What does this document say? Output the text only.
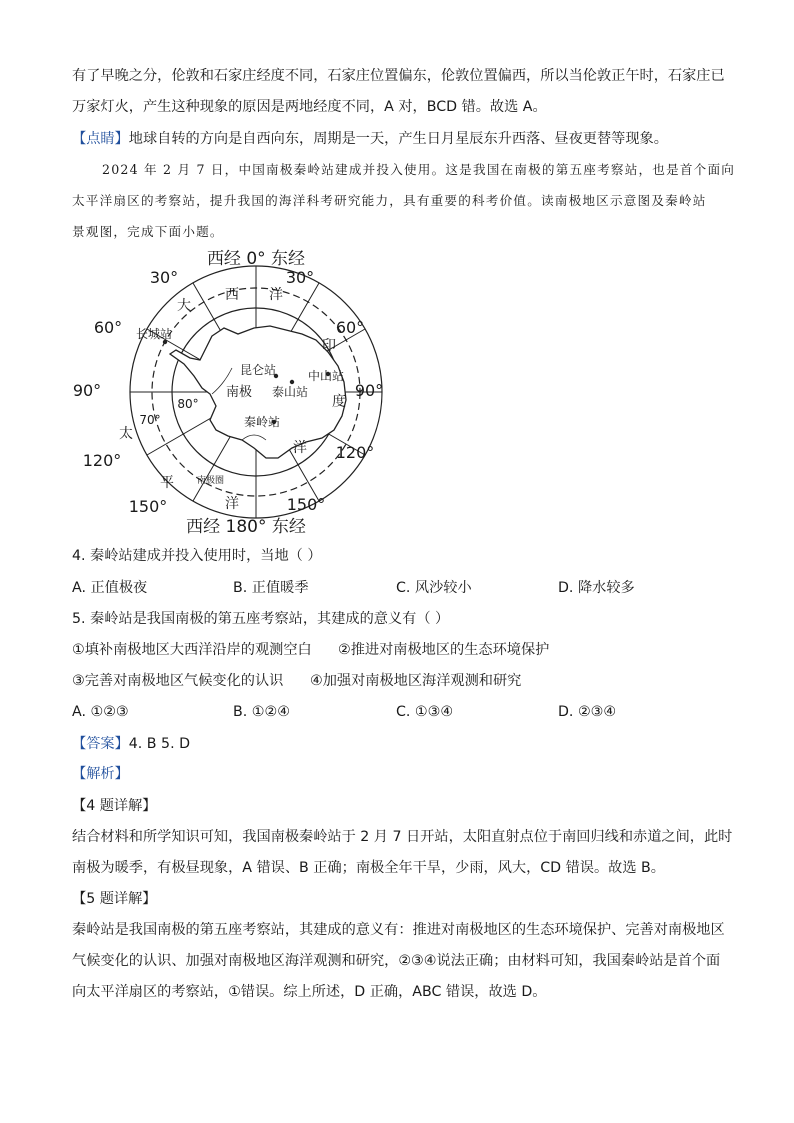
有了早晚之分，伦敦和石家庄经度不同，石家庄位置偏东，伦敦位置偏西，所以当伦敦正午时，石家庄已
万家灯火，产生这种现象的原因是两地经度不同，A 对，BCD 错。故选 A。
【点睛】地球自转的方向是自西向东，周期是一天，产生日月星辰东升西落、昼夜更替等现象。
2024 年 2 月 7 日，中国南极秦岭站建成并投入使用。这是我国在南极的第五座考察站，也是首个面向
太平洋扇区的考察站，提升我国的海洋科考研究能力，具有重要的科考价值。读南极地区示意图及秦岭站
景观图，完成下面小题。
西经 0° 东经
西经 180° 东经
30°	30°
60°	60°
90°	90°
120°	120°
150°	150°
80°
70°
大
西 洋
印
度
洋
太
平
洋
长城站
昆仑站	中山站
泰山站
秦岭站
南极
南极圈
4. 秦岭站建成并投入使用时，当地（ ）
A. 正值极夜	B. 正值暖季	C. 风沙较小	D. 降水较多
5. 秦岭站是我国南极的第五座考察站，其建成的意义有（ ）
①填补南极地区大西洋沿岸的观测空白 ②推进对南极地区的生态环境保护
③完善对南极地区气候变化的认识 ④加强对南极地区海洋观测和研究
A. ①②③	B. ①②④	C. ①③④	D. ②③④
【答案】4. B 5. D
【解析】
【4 题详解】
结合材料和所学知识可知，我国南极秦岭站于 2 月 7 日开站，太阳直射点位于南回归线和赤道之间，此时
南极为暖季，有极昼现象，A 错误、B 正确；南极全年干旱，少雨，风大，CD 错误。故选 B。
【5 题详解】
秦岭站是我国南极的第五座考察站，其建成的意义有：推进对南极地区的生态环境保护、完善对南极地区
气候变化的认识、加强对南极地区海洋观测和研究，②③④说法正确；由材料可知，我国秦岭站是首个面
向太平洋扇区的考察站，①错误。综上所述，D 正确，ABC 错误，故选 D。
